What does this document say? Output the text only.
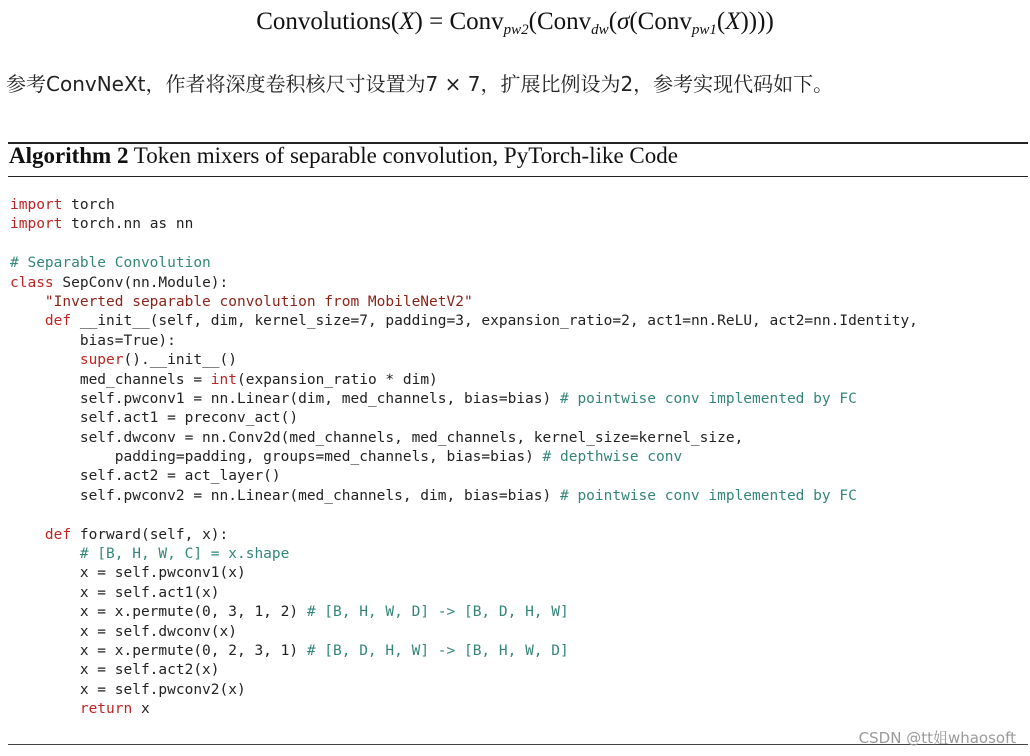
Convolutions(X) = Conv$_{pw2}$(Conv$_{dw}$(σ(Conv$_{pw1}$(X))))
参考ConvNeXt，作者将深度卷积核尺寸设置为7 × 7，扩展比例设为2，参考实现代码如下。
Algorithm 2 Token mixers of separable convolution, PyTorch-like Code
import torch
import torch.nn as nn

# Separable Convolution
class SepConv(nn.Module):
"Inverted separable convolution from MobileNetV2"
def __init__(self, dim, kernel_size=7, padding=3, expansion_ratio=2, act1=nn.ReLU, act2=nn.Identity,
bias=True):
super().__init__()
med_channels = int(expansion_ratio * dim)
self.pwconv1 = nn.Linear(dim, med_channels, bias=bias) # pointwise conv implemented by FC
self.act1 = preconv_act()
self.dwconv = nn.Conv2d(med_channels, med_channels, kernel_size=kernel_size,
padding=padding, groups=med_channels, bias=bias) # depthwise conv
self.act2 = act_layer()
self.pwconv2 = nn.Linear(med_channels, dim, bias=bias) # pointwise conv implemented by FC

def forward(self, x):
# [B, H, W, C] = x.shape
x = self.pwconv1(x)
x = self.act1(x)
x = x.permute(0, 3, 1, 2) # [B, H, W, D] -> [B, D, H, W]
x = self.dwconv(x)
x = x.permute(0, 2, 3, 1) # [B, D, H, W] -> [B, H, W, D]
x = self.act2(x)
x = self.pwconv2(x)
return x
CSDN @tt姐whaosoft
